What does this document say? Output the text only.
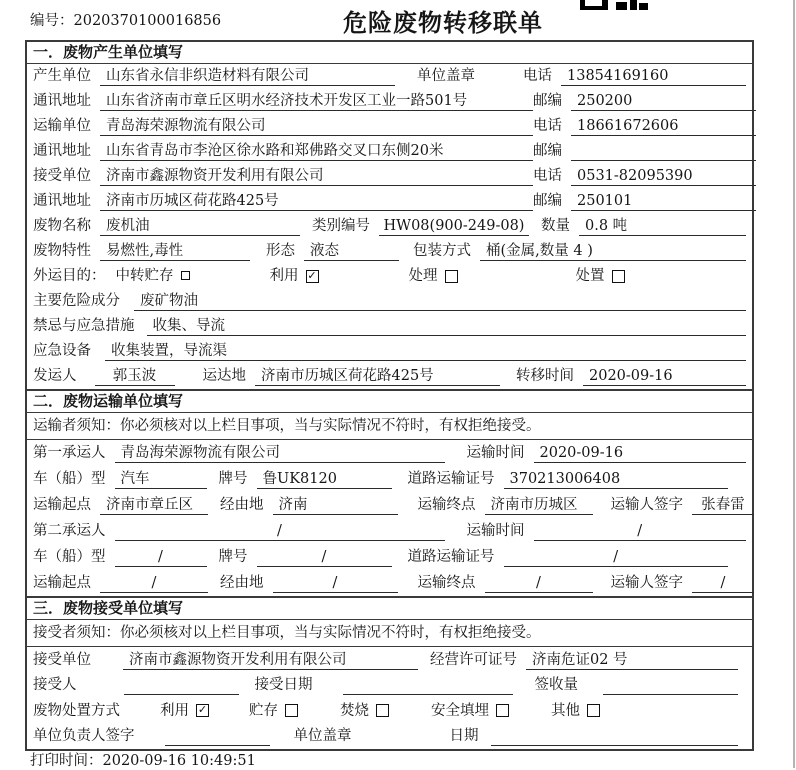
编号：2020370100016856	危险废物转移联单
一．废物产生单位填写
产生单位	山东省永信非织造材料有限公司	单位盖章	电话	13854169160
通讯地址	山东省济南市章丘区明水经济技术开发区工业一路501号	邮编	250200
运输单位	青岛海荣源物流有限公司	电话	18661672606
通讯地址	山东省青岛市李沧区徐水路和郑佛路交叉口东侧20米	邮编
接受单位	济南市鑫源物资开发利用有限公司	电话	0531-82095390
通讯地址	济南市历城区荷花路425号	邮编	250101
废物名称	废机油	类别编号 HW08(900-249-08)	数量	0.8 吨
废物特性	易燃性,毒性	形态	液态	包装方式	桶(金属,数量 4 )
外运目的： 中转贮存	利用 ✓	处理	处置
主要危险成分	废矿物油
禁忌与应急措施	收集、导流
应急设备	收集装置，导流渠
发运人	郭玉波	运达地	济南市历城区荷花路425号	转移时间	2020-09-16
二．废物运输单位填写
运输者须知：你必须核对以上栏目事项，当与实际情况不符时，有权拒绝接受。
第一承运人	青岛海荣源物流有限公司	运输时间	2020-09-16
车（船）型	汽车	牌号	鲁UK8120	道路运输证号	370213006408
运输起点	济南市章丘区	经由地	济南	运输终点	济南市历城区	运输人签字	张春雷
第二承运人	/	运输时间	/
车（船）型	/	牌号	/	道路运输证号	/
运输起点	/	经由地	/	运输终点	/	运输人签字	/
三．废物接受单位填写
接受者须知：你必须核对以上栏目事项，当与实际情况不符时，有权拒绝接受。
接受单位	济南市鑫源物资开发利用有限公司	经营许可证号	济南危证02 号
接受人	接受日期	签收量
废物处置方式	利用 ✓	贮存	焚烧	安全填埋	其他
单位负责人签字	单位盖章	日期
打印时间：2020-09-16 10:49:51
